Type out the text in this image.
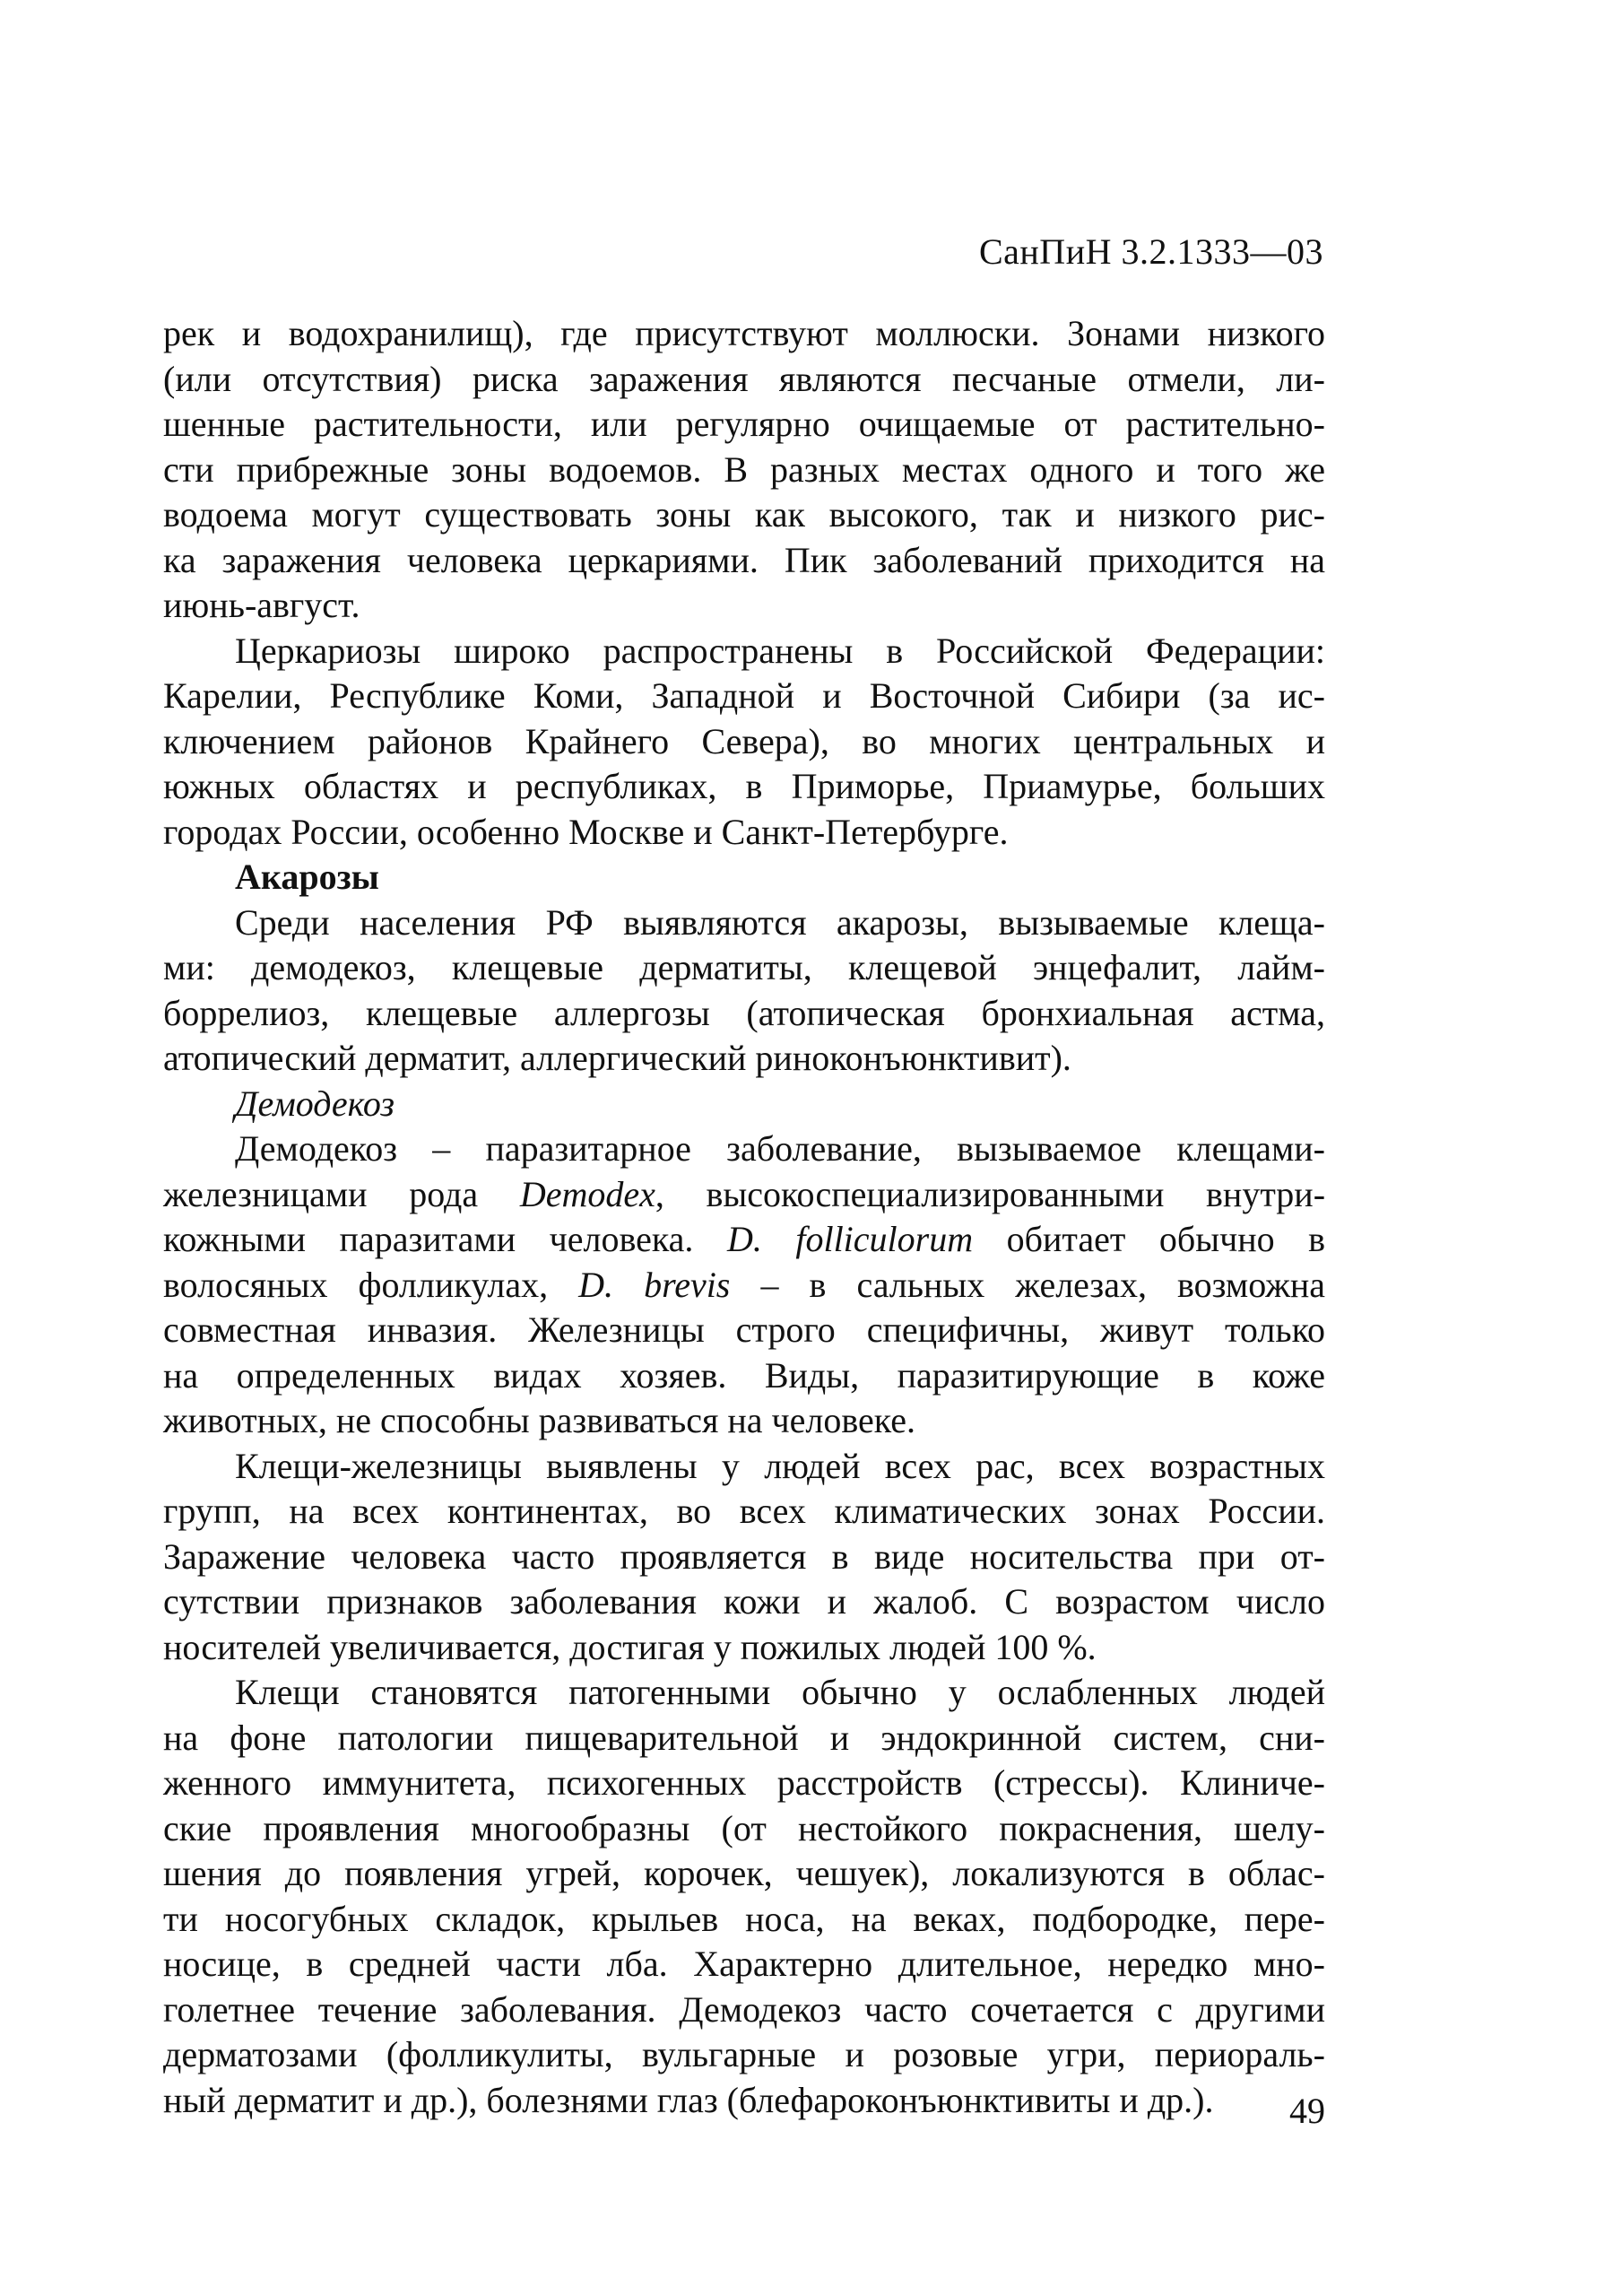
СанПиН 3.2.1333—03
рек и водохранилищ), где присутствуют моллюски. Зонами низкого
(или отсутствия) риска заражения являются песчаные отмели, ли-
шенные растительности, или регулярно очищаемые от растительно-
сти прибрежные зоны водоемов. В разных местах одного и того же
водоема могут существовать зоны как высокого, так и низкого рис-
ка заражения человека церкариями. Пик заболеваний приходится на
июнь-август.
Церкариозы широко распространены в Российской Федерации:
Карелии, Республике Коми, Западной и Восточной Сибири (за ис-
ключением районов Крайнего Севера), во многих центральных и
южных областях и республиках, в Приморье, Приамурье, больших
городах России, особенно Москве и Санкт-Петербурге.
Акарозы
Среди населения РФ выявляются акарозы, вызываемые клеща-
ми: демодекоз, клещевые дерматиты, клещевой энцефалит, лайм-
боррелиоз, клещевые аллергозы (атопическая бронхиальная астма,
атопический дерматит, аллергический риноконъюнктивит).
Демодекоз
Демодекоз – паразитарное заболевание, вызываемое клещами-
железницами рода Demodex, высокоспециализированными внутри-
кожными паразитами человека. D. folliculorum обитает обычно в
волосяных фолликулах, D. brevis – в сальных железах, возможна
совместная инвазия. Железницы строго специфичны, живут только
на определенных видах хозяев. Виды, паразитирующие в коже
животных, не способны развиваться на человеке.
Клещи-железницы выявлены у людей всех рас, всех возрастных
групп, на всех континентах, во всех климатических зонах России.
Заражение человека часто проявляется в виде носительства при от-
сутствии признаков заболевания кожи и жалоб. С возрастом число
носителей увеличивается, достигая у пожилых людей 100 %.
Клещи становятся патогенными обычно у ослабленных людей
на фоне патологии пищеварительной и эндокринной систем, сни-
женного иммунитета, психогенных расстройств (стрессы). Клиниче-
ские проявления многообразны (от нестойкого покраснения, шелу-
шения до появления угрей, корочек, чешуек), локализуются в облас-
ти носогубных складок, крыльев носа, на веках, подбородке, пере-
носице, в средней части лба. Характерно длительное, нередко мно-
голетнее течение заболевания. Демодекоз часто сочетается с другими
дерматозами (фолликулиты, вульгарные и розовые угри, периораль-
ный дерматит и др.), болезнями глаз (блефароконъюнктивиты и др.).	49
